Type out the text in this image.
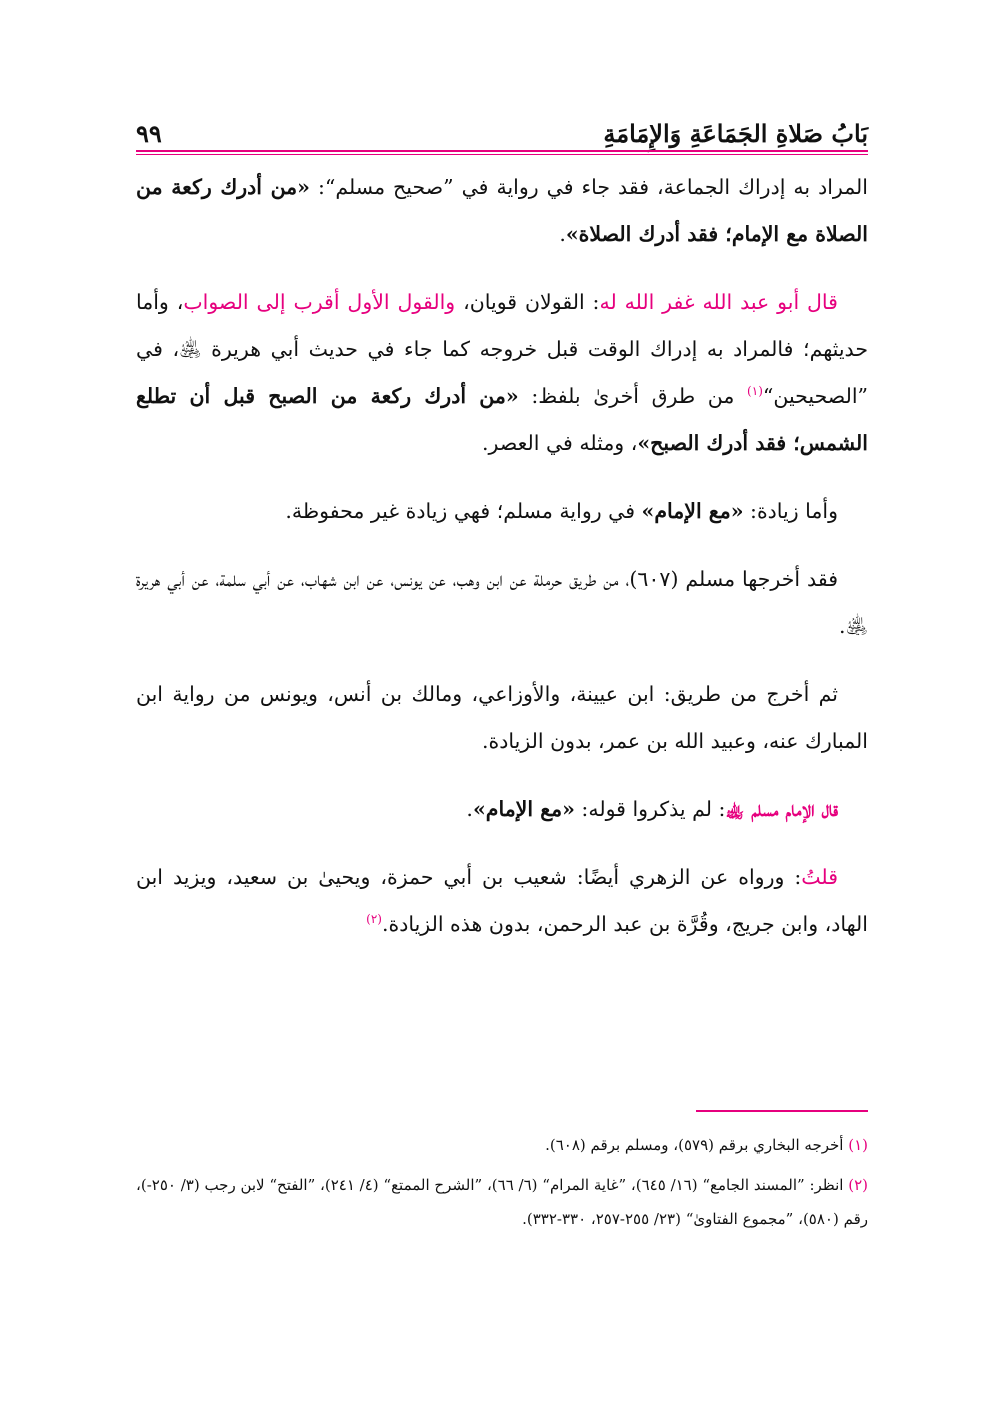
بَابُ صَلاةِ الجَمَاعَةِ وَالإِمَامَةِ
٩٩

المراد به إدراك الجماعة، فقد جاء في رواية في ”صحيح مسلم“: «من أدرك ركعة من الصلاة مع الإمام؛ فقد أدرك الصلاة».

قال أبو عبد الله غفر الله له: القولان قويان، والقول الأول أقرب إلى الصواب، وأما حديثهم؛ فالمراد به إدراك الوقت قبل خروجه كما جاء في حديث أبي هريرة ﵁، في ”الصحيحين“$^{(١)}$ من طرق أخرىٰ بلفظ: «من أدرك ركعة من الصبح قبل أن تطلع الشمس؛ فقد أدرك الصبح»، ومثله في العصر.

وأما زيادة: «مع الإمام» في رواية مسلم؛ فهي زيادة غير محفوظة.

فقد أخرجها مسلم (٦٠٧)، من طريق حرملة عن ابن وهب، عن يونس، عن ابن شهاب، عن أبي سلمة، عن أبي هريرة ﵁.

ثم أخرج من طريق: ابن عيينة، والأوزاعي، ومالك بن أنس، ويونس من رواية ابن المبارك عنه، وعبيد الله بن عمر، بدون الزيادة.

قال الإمام مسلم ﵀: لم يذكروا قوله: «مع الإمام».

قلتُ: ورواه عن الزهري أيضًا: شعيب بن أبي حمزة، ويحيىٰ بن سعيد، ويزيد ابن الهاد، وابن جريج، وقُرَّة بن عبد الرحمن، بدون هذه الزيادة.$^{(٢)}$

(١) أخرجه البخاري برقم (٥٧٩)، ومسلم برقم (٦٠٨).

(٢) انظر: ”المسند الجامع“ (١٦/ ٦٤٥)، ”غاية المرام“ (٦/ ٦٦)، ”الشرح الممتع“ (٤/ ٢٤١)، ”الفتح“ لابن رجب (٣/ ٢٥٠-)، رقم (٥٨٠)، ”مجموع الفتاوىٰ“ (٢٣/ ٢٥٥-٢٥٧، ٣٣٠-٣٣٢).
